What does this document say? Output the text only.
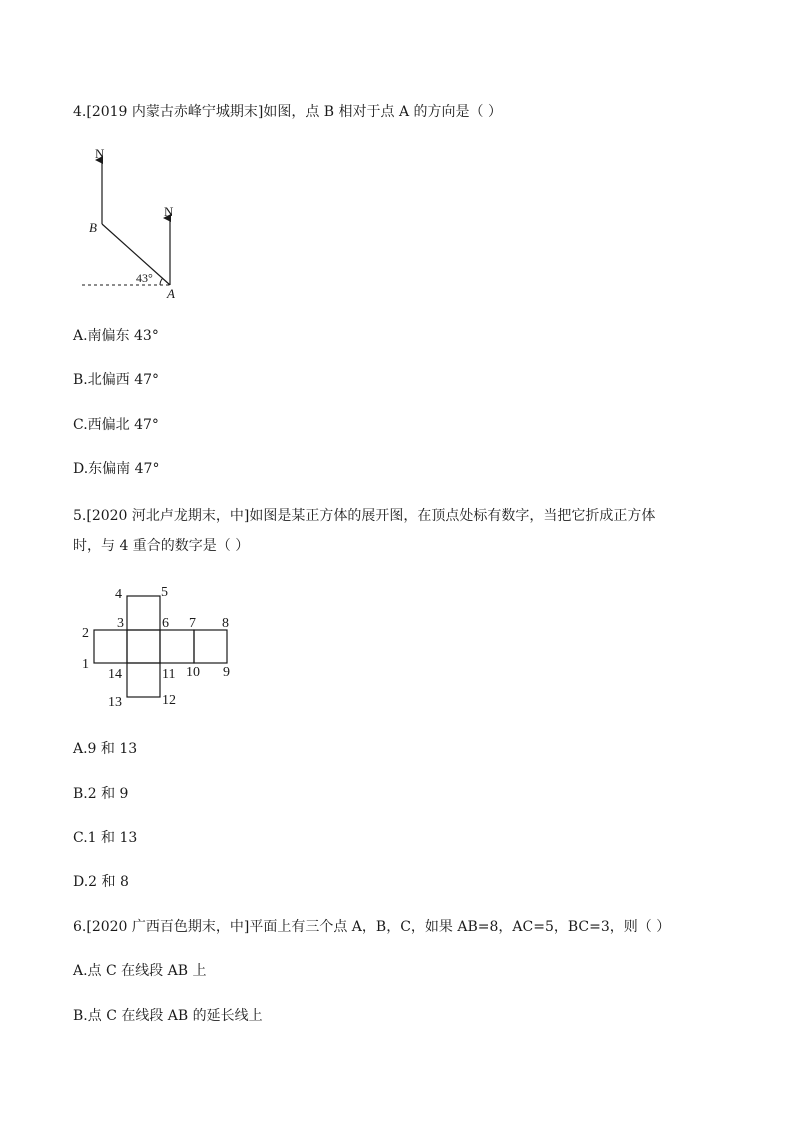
4.[2019 内蒙古赤峰宁城期末]如图，点 B 相对于点 A 的方向是（ ）
N
N
B
43°
A
A.南偏东 43°
B.北偏西 47°
C.西偏北 47°
D.东偏南 47°
5.[2020 河北卢龙期末，中]如图是某正方体的展开图，在顶点处标有数字，当把它折成正方体
时，与 4 重合的数字是（ ）
4	5
3	6 7 8
2
1
14	11 10 9
13	12
A.9 和 13
B.2 和 9
C.1 和 13
D.2 和 8
6.[2020 广西百色期末，中]平面上有三个点 A，B，C，如果 AB=8，AC=5，BC=3，则（ ）
A.点 C 在线段 AB 上
B.点 C 在线段 AB 的延长线上
